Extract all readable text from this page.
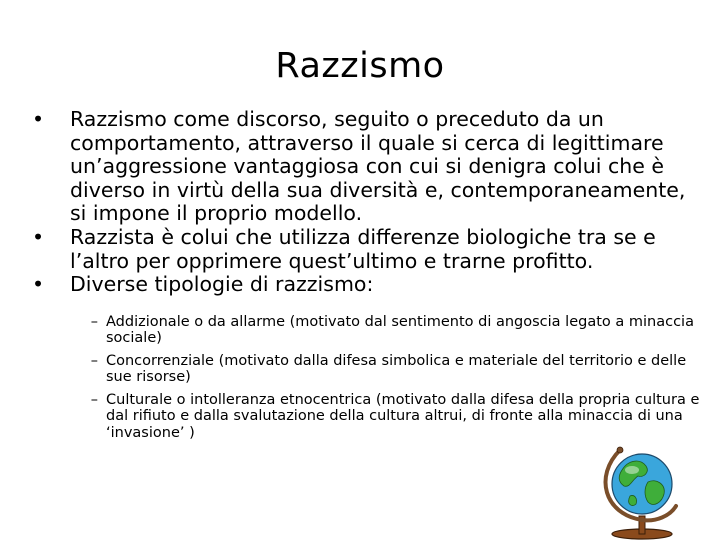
Razzismo
• Razzismo come discorso, seguito o preceduto da un comportamento, attraverso il quale si cerca di legittimare un’aggressione vantaggiosa con cui si denigra colui che è diverso in virtù della sua diversità e, contemporaneamente, si impone il proprio modello.
• Razzista è colui che utilizza differenze biologiche tra se e l’altro per opprimere quest’ultimo e trarne profitto.
• Diverse tipologie di razzismo:
– Addizionale o da allarme (motivato dal sentimento di angoscia legato a minaccia sociale)
– Concorrenziale (motivato dalla difesa simbolica e materiale del territorio e delle sue risorse)
– Culturale o intolleranza etnocentrica (motivato dalla difesa della propria cultura e dal rifiuto e dalla svalutazione della cultura altrui, di fronte alla minaccia di una ‘invasione’ )
